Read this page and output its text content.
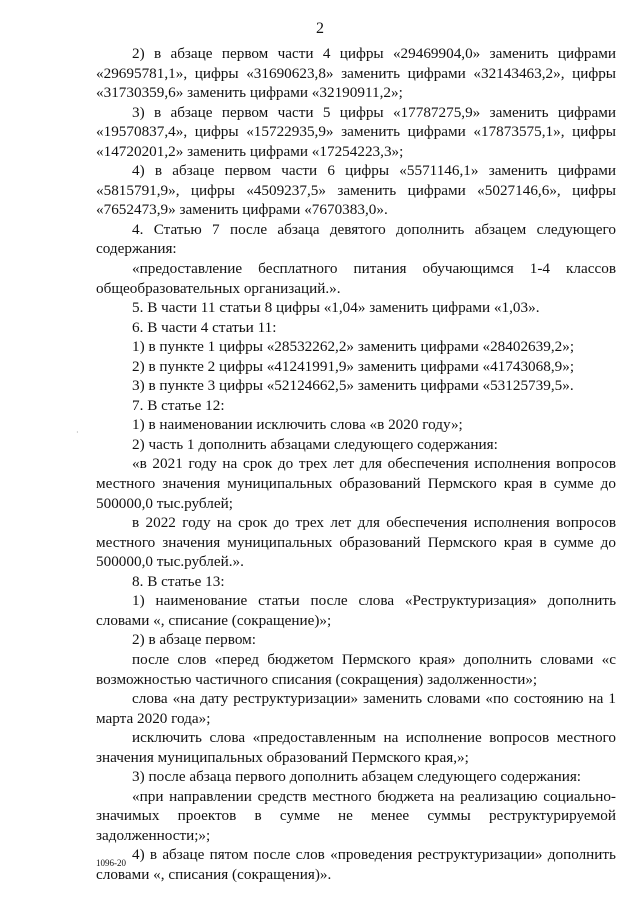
2

2) в абзаце первом части 4 цифры «29469904,0» заменить цифрами «29695781,1», цифры «31690623,8» заменить цифрами «32143463,2», цифры «31730359,6» заменить цифрами «32190911,2»;

3) в абзаце первом части 5 цифры «17787275,9» заменить цифрами «19570837,4», цифры «15722935,9» заменить цифрами «17873575,1», цифры «14720201,2» заменить цифрами «17254223,3»;

4) в абзаце первом части 6 цифры «5571146,1» заменить цифрами «5815791,9», цифры «4509237,5» заменить цифрами «5027146,6», цифры «7652473,9» заменить цифрами «7670383,0».

4. Статью 7 после абзаца девятого дополнить абзацем следующего содержания:

«предоставление бесплатного питания обучающимся 1-4 классов общеобразовательных организаций.».

5. В части 11 статьи 8 цифры «1,04» заменить цифрами «1,03».

6. В части 4 статьи 11:

1) в пункте 1 цифры «28532262,2» заменить цифрами «28402639,2»;

2) в пункте 2 цифры «41241991,9» заменить цифрами «41743068,9»;

3) в пункте 3 цифры «52124662,5» заменить цифрами «53125739,5».

7. В статье 12:

1) в наименовании исключить слова «в 2020 году»;

2) часть 1 дополнить абзацами следующего содержания:

«в 2021 году на срок до трех лет для обеспечения исполнения вопросов местного значения муниципальных образований Пермского края в сумме до 500000,0 тыс.рублей;

в 2022 году на срок до трех лет для обеспечения исполнения вопросов местного значения муниципальных образований Пермского края в сумме до 500000,0 тыс.рублей.».

8. В статье 13:

1) наименование статьи после слова «Реструктуризация» дополнить словами «, списание (сокращение)»;

2) в абзаце первом:

после слов «перед бюджетом Пермского края» дополнить словами «с возможностью частичного списания (сокращения) задолженности»;

слова «на дату реструктуризации» заменить словами «по состоянию на 1 марта 2020 года»;

исключить слова «предоставленным на исполнение вопросов местного значения муниципальных образований Пермского края,»;

3) после абзаца первого дополнить абзацем следующего содержания:

«при направлении средств местного бюджета на реализацию социально-значимых проектов в сумме не менее суммы реструктурируемой задолженности;»;

4) в абзаце пятом после слов «проведения реструктуризации» дополнить словами «, списания (сокращения)».

·
1096-20
